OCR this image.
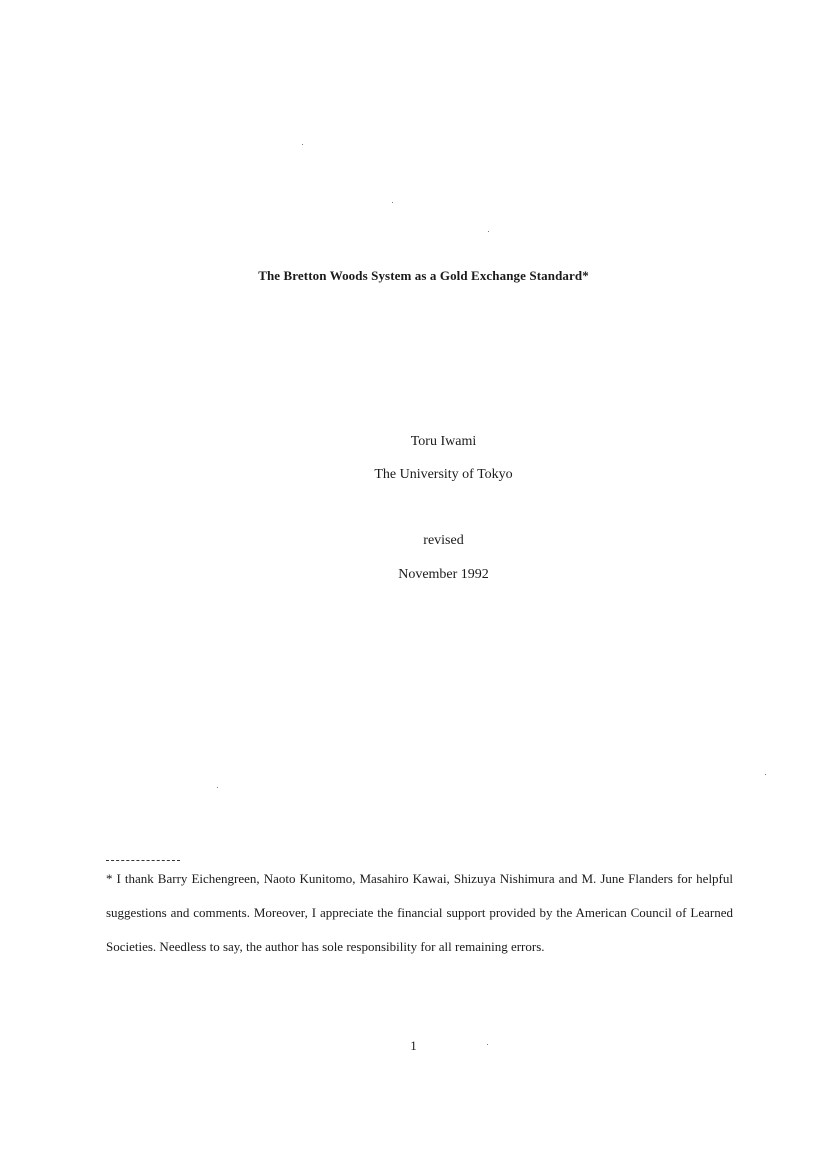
The Bretton Woods System as a Gold Exchange Standard*
Toru Iwami
The University of Tokyo
revised
November 1992
* I thank Barry Eichengreen, Naoto Kunitomo, Masahiro Kawai, Shizuya Nishimura and M. June Flanders for helpful suggestions and comments. Moreover, I appreciate the financial support provided by the American Council of Learned Societies. Needless to say, the author has sole responsibility for all remaining errors.
1
